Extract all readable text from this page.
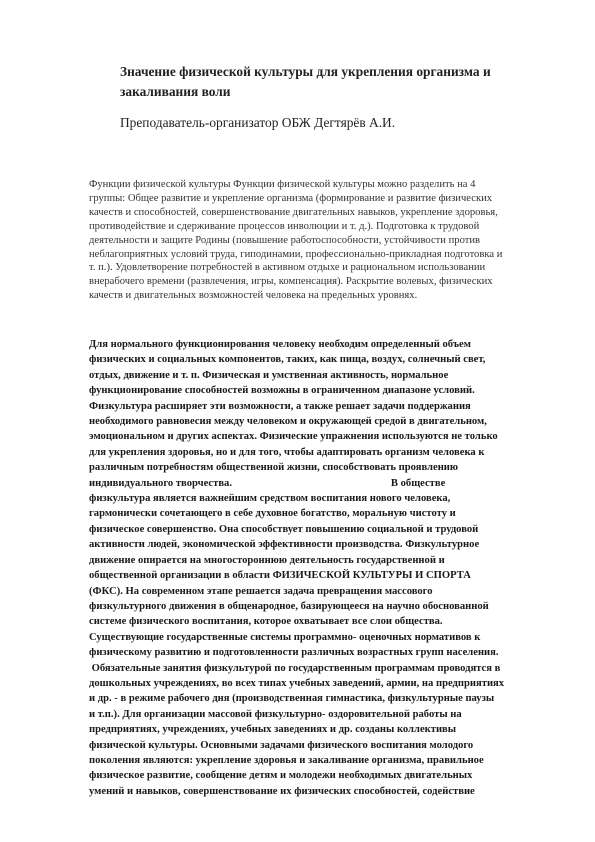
Значение физической культуры для укрепления организма и
закаливания воли
Преподаватель-организатор ОБЖ Дегтярёв А.И.
Функции физической культуры Функции физической культуры можно разделить на 4
группы: Общее развитие и укрепление организма (формирование и развитие физических
качеств и способностей, совершенствование двигательных навыков, укрепление здоровья,
противодействие и сдерживание процессов инволюции и т. д.). Подготовка к трудовой
деятельности и защите Родины (повышение работоспособности, устойчивости против
неблагоприятных условий труда, гиподинамии, профессионально-прикладная подготовка и
т. п.). Удовлетворение потребностей в активном отдыхе и рациональном использовании
внерабочего времени (развлечения, игры, компенсация). Раскрытие волевых, физических
качеств и двигательных возможностей человека на предельных уровнях.
Для нормального функционирования человеку необходим определенный объем
физических и социальных компонентов, таких, как пища, воздух, солнечный свет,
отдых, движение и т. п. Физическая и умственная активность, нормальное
функционирование способностей возможны в ограниченном диапазоне условий.
Физкультура расширяет эти возможности, а также решает задачи поддержания
необходимого равновесия между человеком и окружающей средой в двигательном,
эмоциональном и других аспектах. Физические упражнения используются не только
для укрепления здоровья, но и для того, чтобы адаптировать организм человека к
различным потребностям общественной жизни, способствовать проявлению
индивидуального творчества.                                                            В обществе
физкультура является важнейшим средством воспитания нового человека,
гармонически сочетающего в себе духовное богатство, моральную чистоту и
физическое совершенство. Она способствует повышению социальной и трудовой
активности людей, экономической эффективности производства. Физкультурное
движение опирается на многостороннюю деятельность государственной и
общественной организации в области ФИЗИЧЕСКОЙ КУЛЬТУРЫ И СПОРТА
(ФКС). На современном этапе решается задача превращения массового
физкультурного движения в общенародное, базирующееся на научно обоснованной
системе физического воспитания, которое охватывает все слои общества.
Существующие государственные системы программно- оценочных нормативов к
физическому развитию и подготовленности различных возрастных групп населения.
Обязательные занятия физкультурой по государственным программам проводятся в
дошкольных учреждениях, во всех типах учебных заведений, армии, на предприятиях
и др. - в режиме рабочего дня (производственная гимнастика, физкультурные паузы
и т.п.). Для организации массовой физкультурно- оздоровительной работы на
предприятиях, учреждениях, учебных заведениях и др. созданы коллективы
физической культуры. Основными задачами физического воспитания молодого
поколения являются: укрепление здоровья и закаливание организма, правильное
физическое развитие, сообщение детям и молодежи необходимых двигательных
умений и навыков, совершенствование их физических способностей, содействие
